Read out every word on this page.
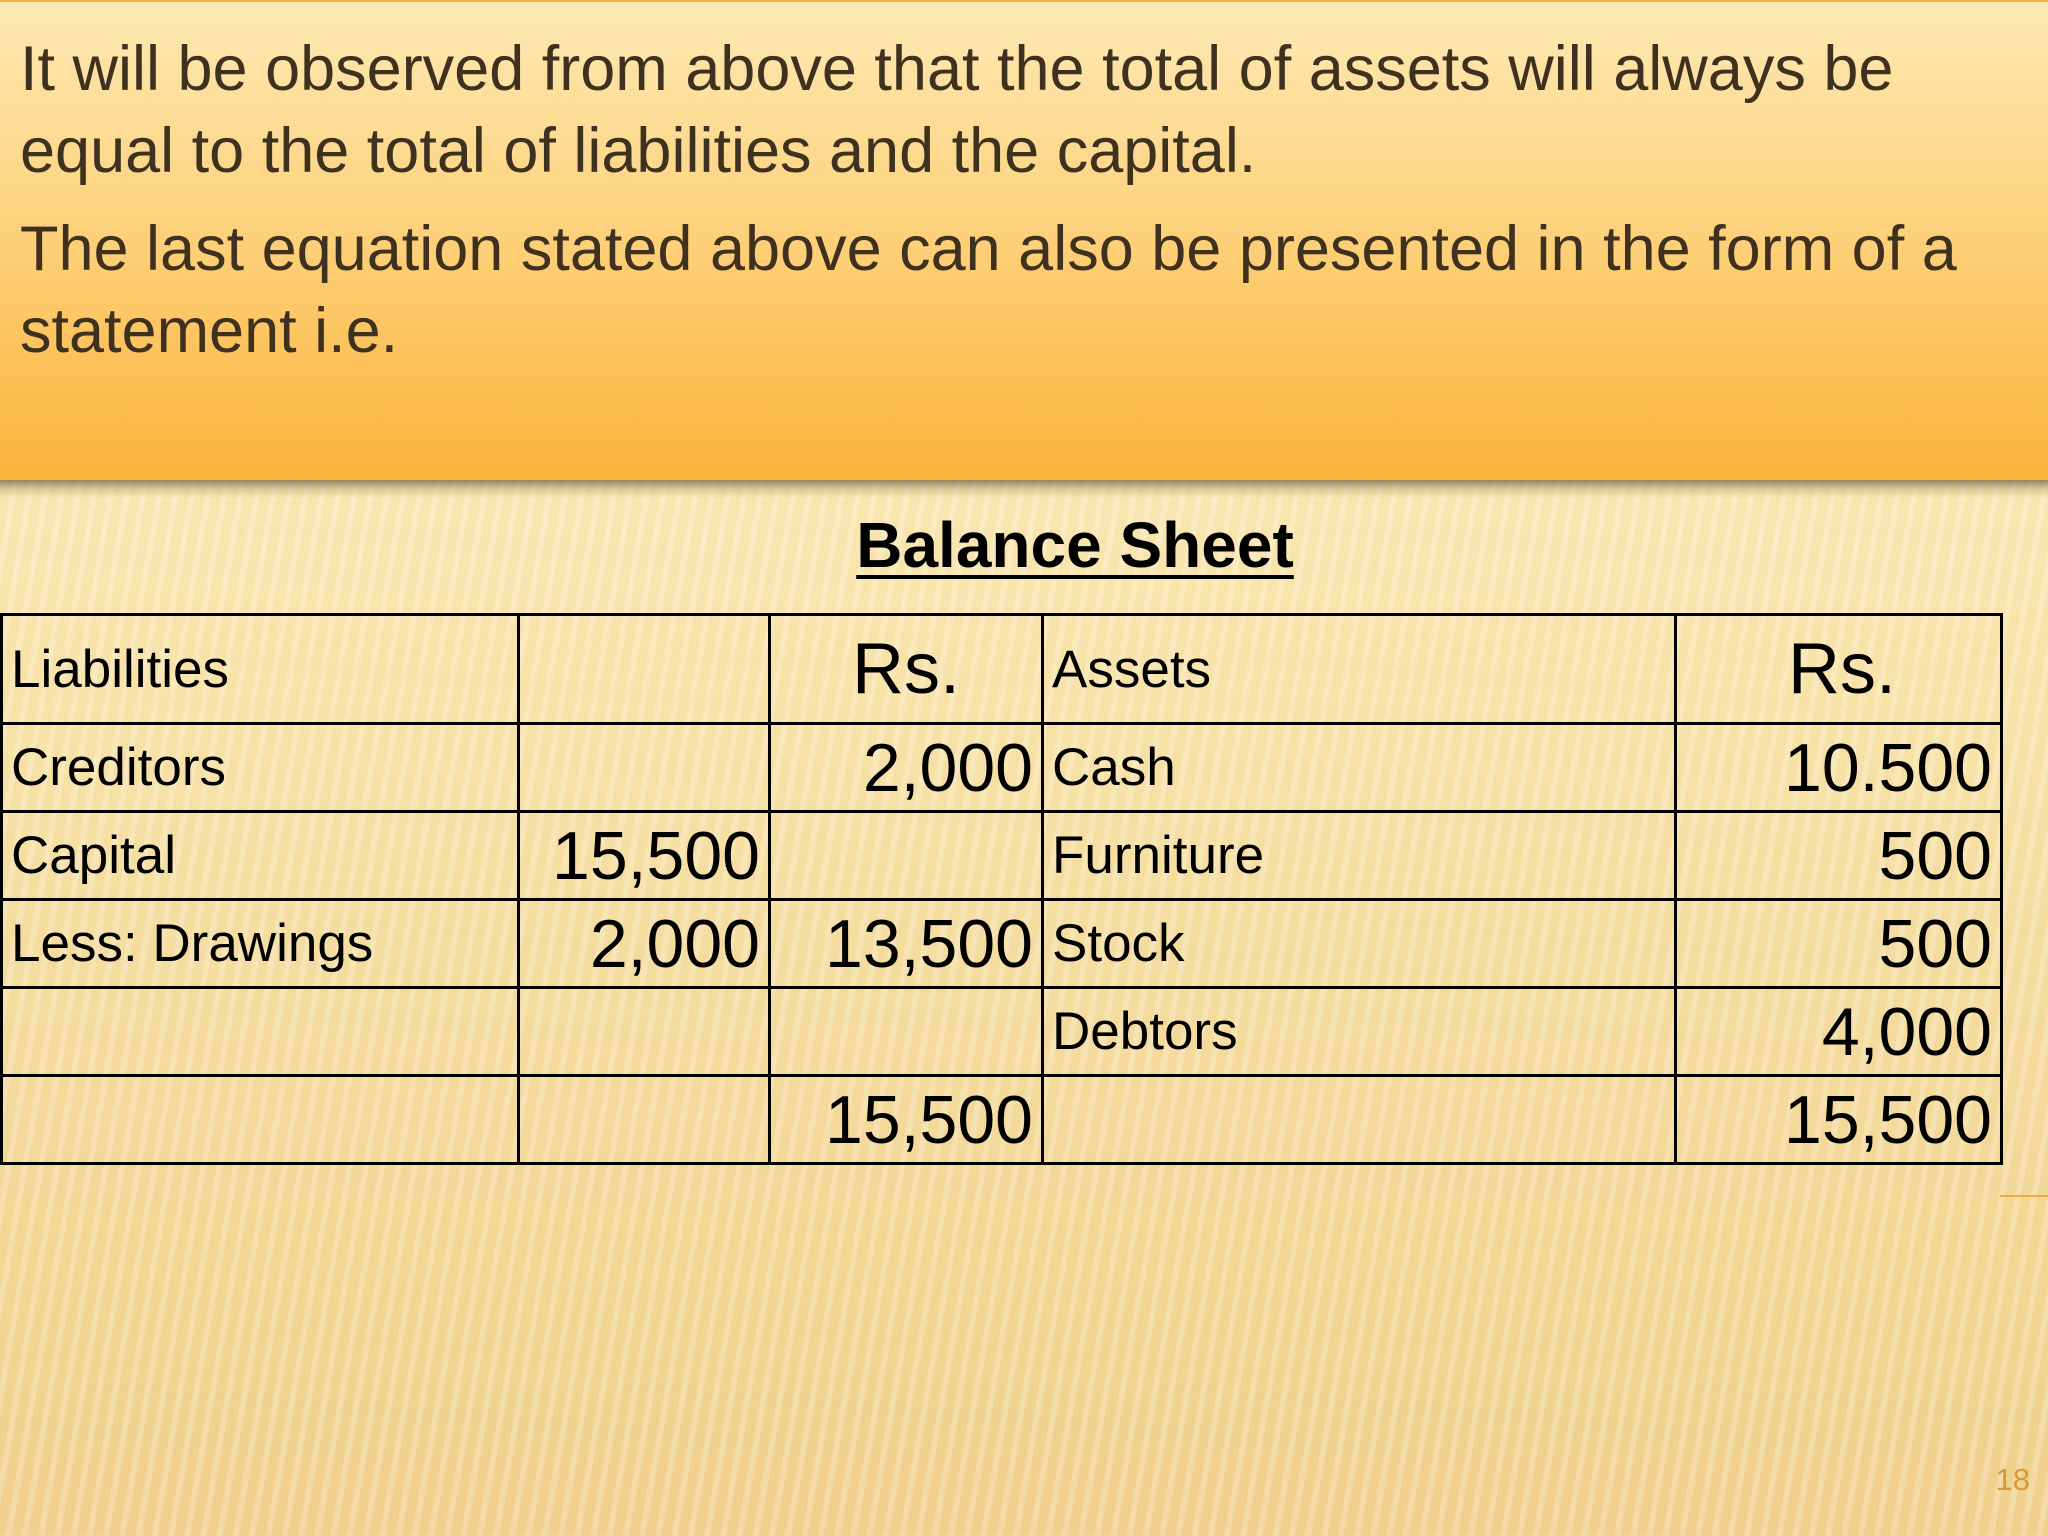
It will be observed from above that the total of assets will always be equal to the total of liabilities and the capital.

The last equation stated above can also be presented in the form of a statement i.e.

Balance Sheet
Liabilities		Rs.	Assets	Rs.
Creditors		2,000	Cash	10.500
Capital	15,500		Furniture	500
Less: Drawings	2,000	13,500	Stock	500
			Debtors	4,000
		15,500		15,500
18
